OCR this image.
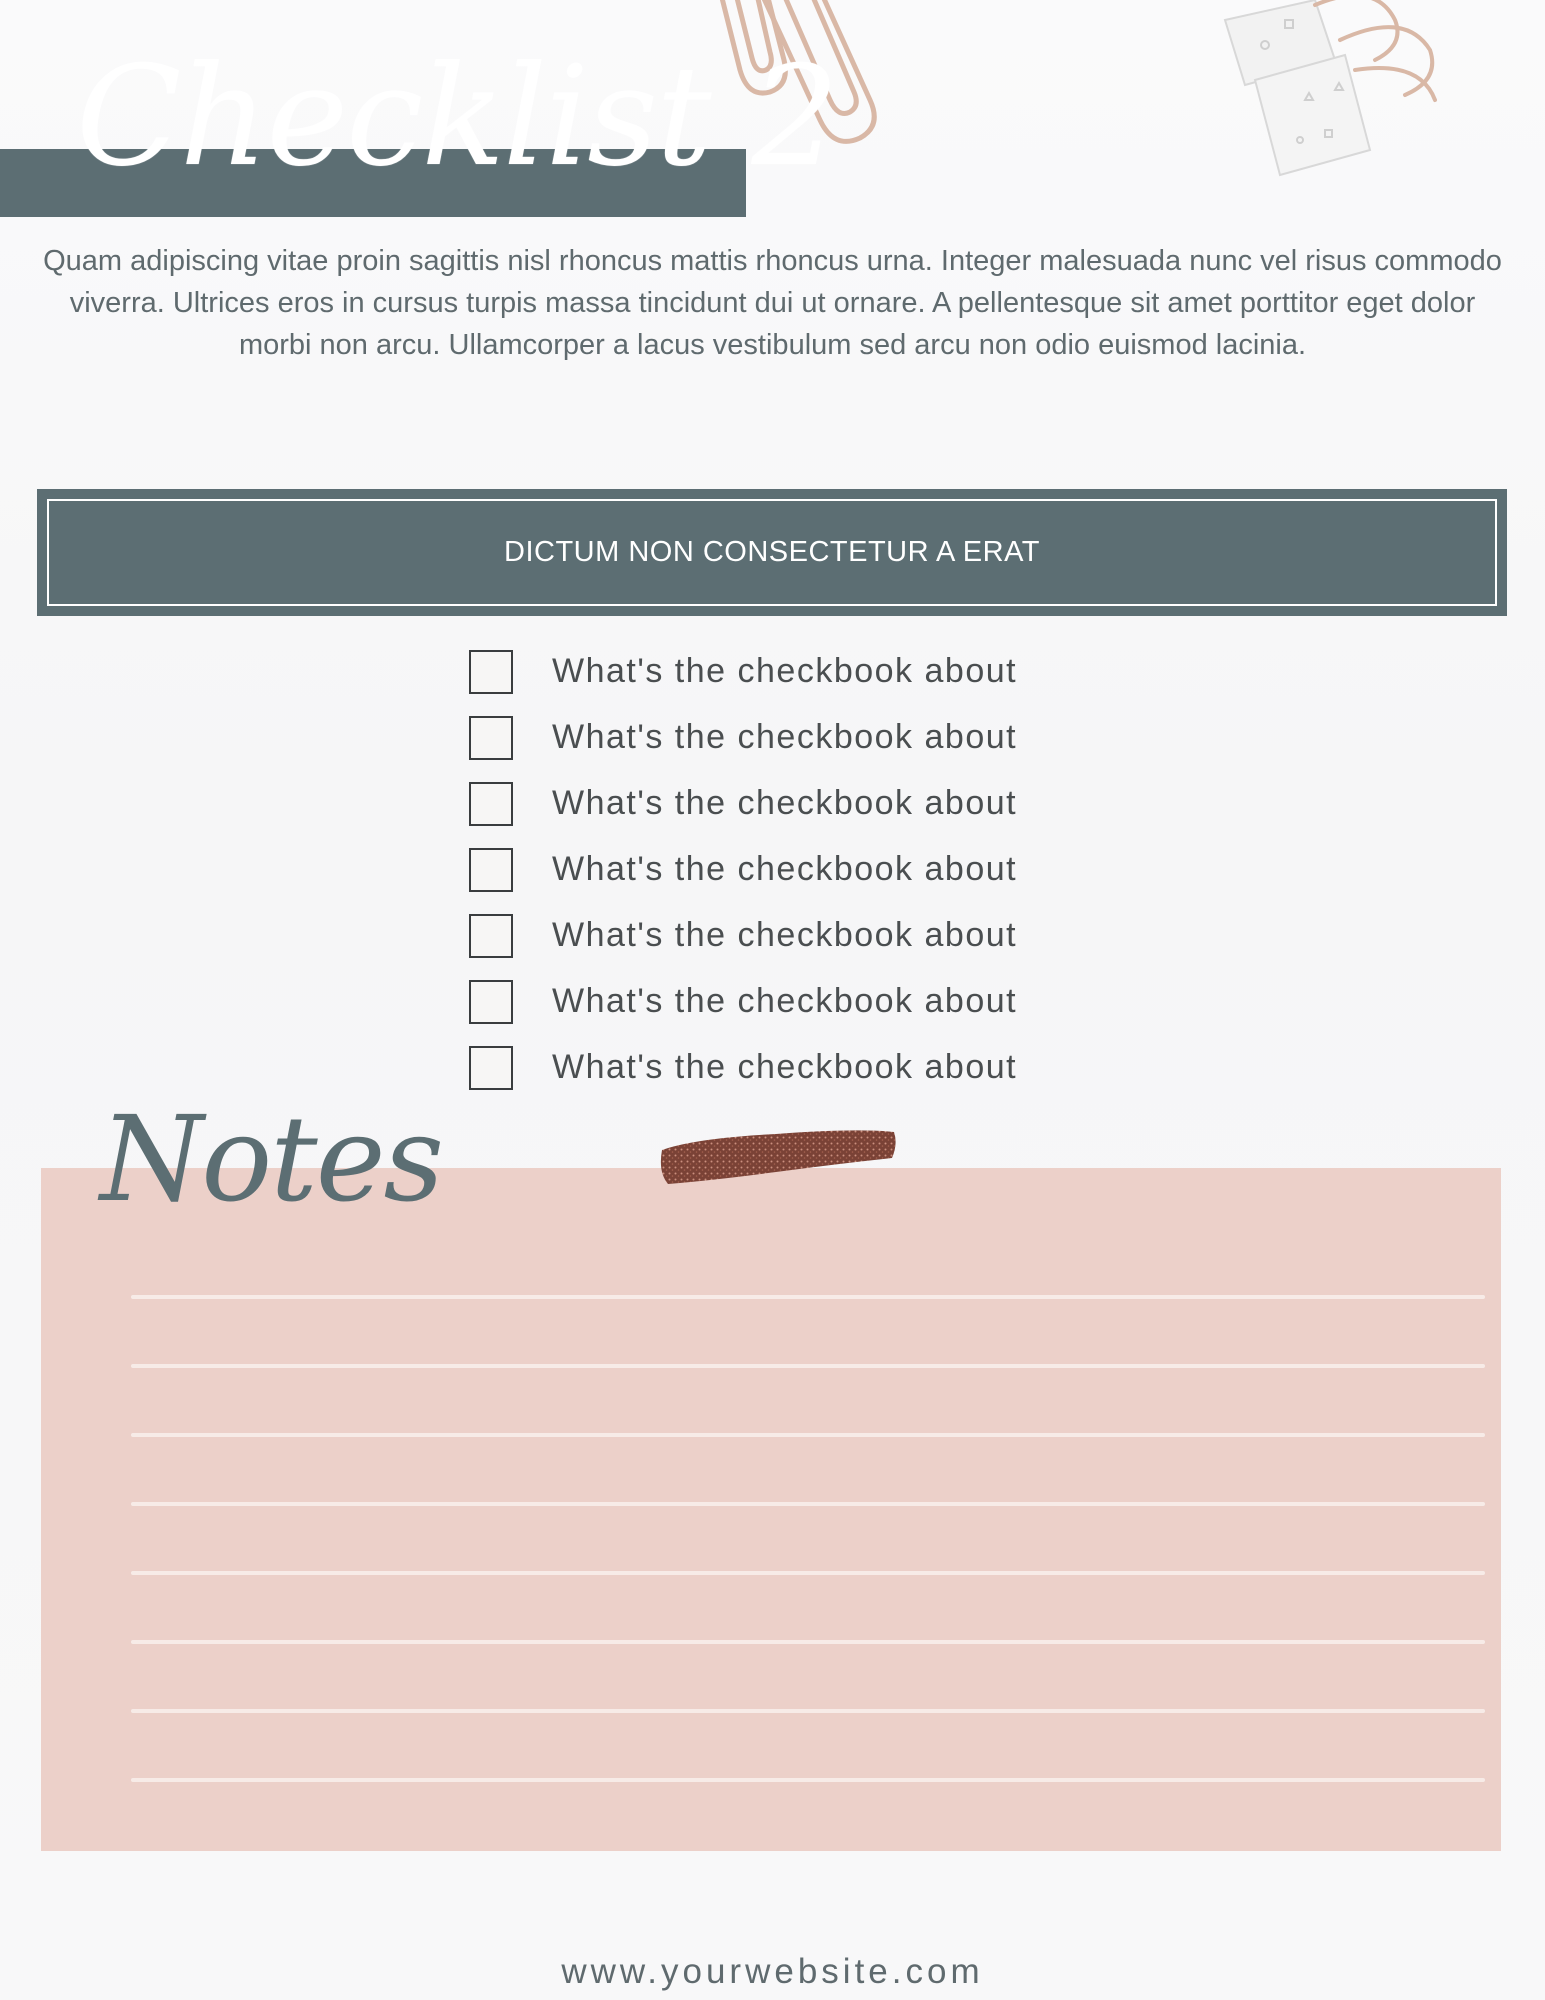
Checklist 2
Quam adipiscing vitae proin sagittis nisl rhoncus mattis rhoncus urna. Integer malesuada nunc vel risus commodo viverra. Ultrices eros in cursus turpis massa tincidunt dui ut ornare. A pellentesque sit amet porttitor eget dolor morbi non arcu. Ullamcorper a lacus vestibulum sed arcu non odio euismod lacinia.
DICTUM NON CONSECTETUR A ERAT
What's the checkbook about
What's the checkbook about
What's the checkbook about
What's the checkbook about
What's the checkbook about
What's the checkbook about
What's the checkbook about
Notes
www.yourwebsite.com
